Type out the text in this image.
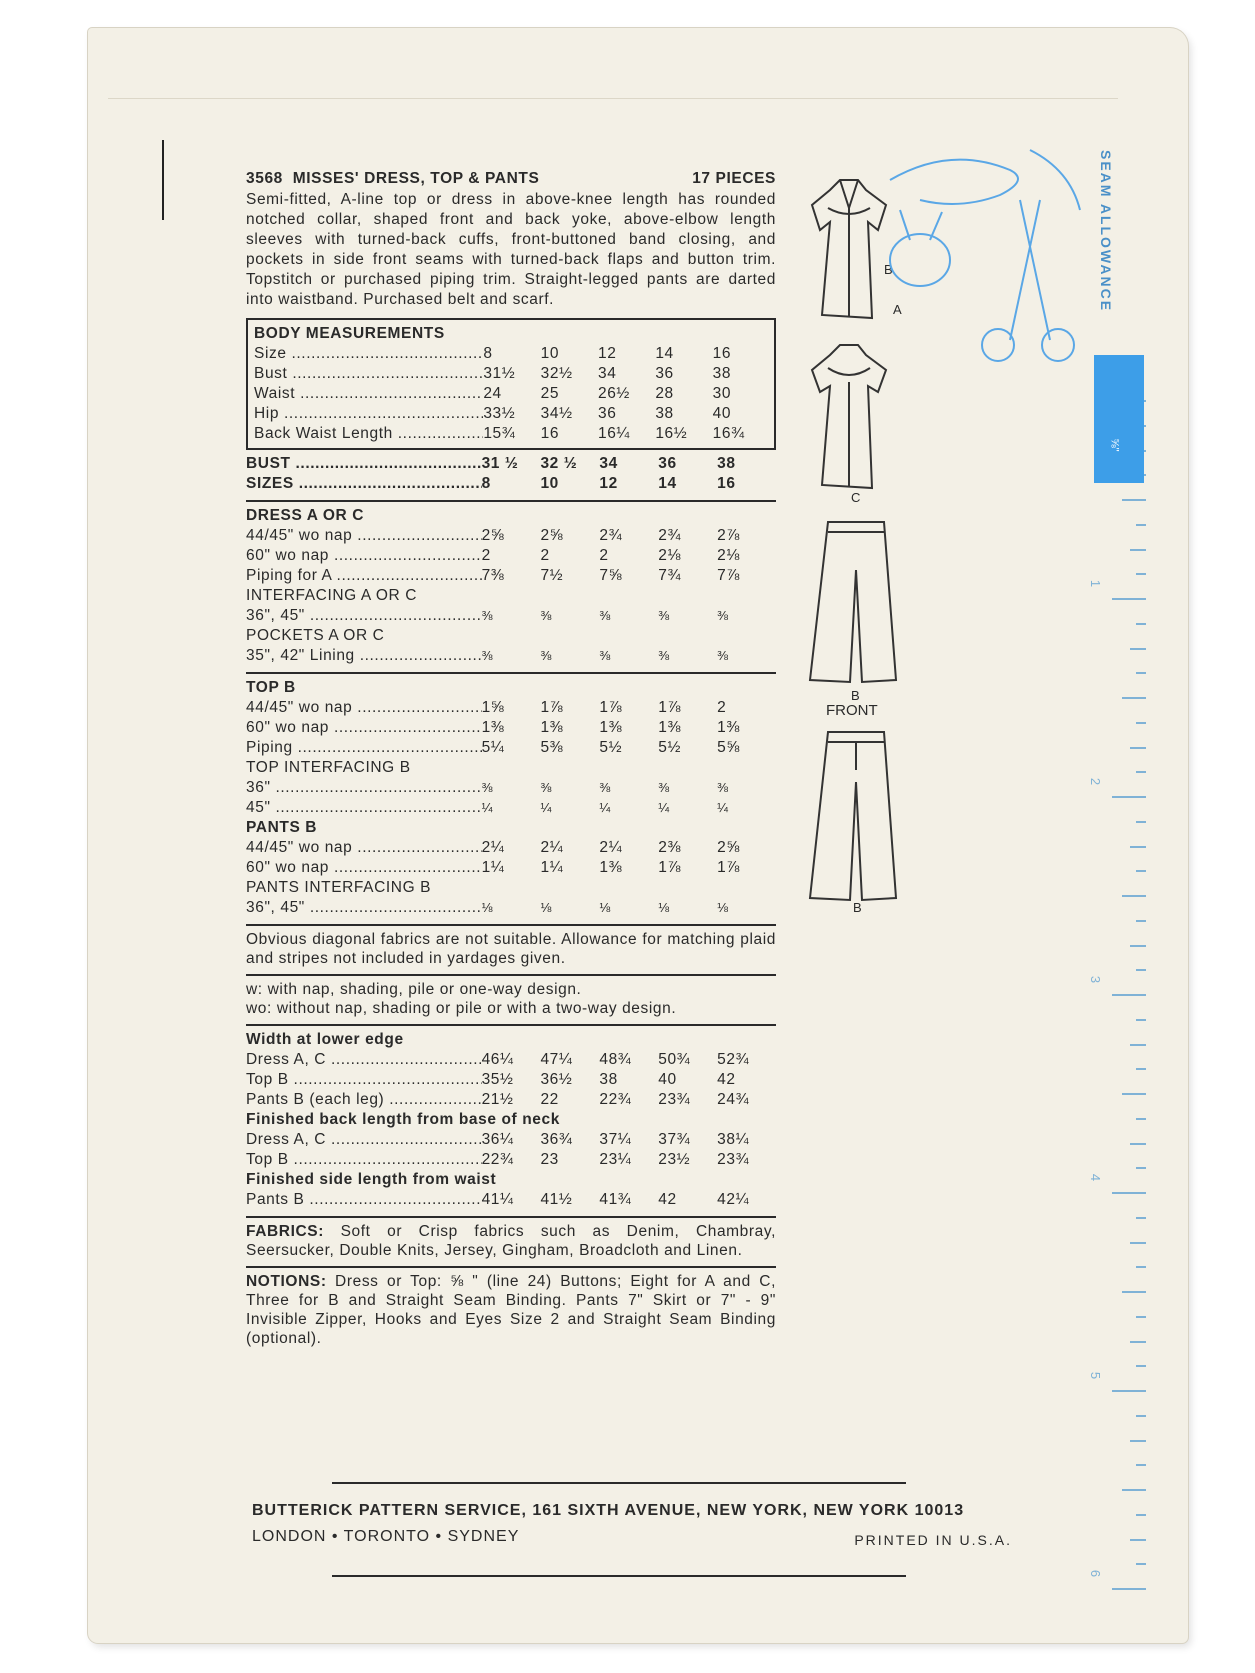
3568 MISSES' DRESS, TOP & PANTS	17 PIECES
Semi-fitted, A-line top or dress in above-knee length has rounded notched collar, shaped front and back yoke, above-elbow length sleeves with turned-back cuffs, front-buttoned band closing, and pockets in side front seams with turned-back flaps and button trim. Topstitch or purchased piping trim. Straight-legged pants are darted into waistband. Purchased belt and scarf.
BODY MEASUREMENTS
Size .....	8	10	12	14	16
Bust .....	31½	32½	34	36	38
Waist .....	24	25	26½	28	30
Hip .....	33½	34½	36	38	40
Back Waist Length .....	15¾	16	16¼	16½	16¾
BUST .....	31 ½	32 ½	34	36	38
SIZES .....	8	10	12	14	16
DRESS A OR C
44/45" wo nap .....	2⅝	2⅝	2¾	2¾	2⅞
60" wo nap .....	2	2	2	2⅛	2⅛
Piping for A .....	7⅜	7½	7⅝	7¾	7⅞
INTERFACING A OR C
36", 45" .....	⅜	⅜	⅜	⅜	⅜
POCKETS A OR C
35", 42" Lining .....	⅜	⅜	⅜	⅜	⅜
TOP B
44/45" wo nap .....	1⅝	1⅞	1⅞	1⅞	2
60" wo nap .....	1⅜	1⅜	1⅜	1⅜	1⅜
Piping .....	5¼	5⅜	5½	5½	5⅝
TOP INTERFACING B
36" .....	⅜	⅜	⅜	⅜	⅜
45" .....	¼	¼	¼	¼	¼
PANTS B
44/45" wo nap .....	2¼	2¼	2¼	2⅜	2⅝
60" wo nap .....	1¼	1¼	1⅜	1⅞	1⅞
PANTS INTERFACING B
36", 45" .....	⅛	⅛	⅛	⅛	⅛
Obvious diagonal fabrics are not suitable. Allowance for matching plaid and stripes not included in yardages given.
w: with nap, shading, pile or one-way design.
wo: without nap, shading or pile or with a two-way design.
Width at lower edge
Dress A, C .....	46¼	47¼	48¾	50¾	52¾
Top B .....	35½	36½	38	40	42
Pants B (each leg) .....	21½	22	22¾	23¾	24¾
Finished back length from base of neck
Dress A, C .....	36¼	36¾	37¼	37¾	38¼
Top B .....	22¾	23	23¼	23½	23¾
Finished side length from waist
Pants B .....	41¼	41½	41¾	42	42¼
FABRICS: Soft or Crisp fabrics such as Denim, Chambray, Seersucker, Double Knits, Jersey, Gingham, Broadcloth and Linen.
NOTIONS: Dress or Top: ⅝ " (line 24) Buttons; Eight for A and C, Three for B and Straight Seam Binding. Pants 7" Skirt or 7" - 9" Invisible Zipper, Hooks and Eyes Size 2 and Straight Seam Binding (optional).
BUTTERICK PATTERN SERVICE, 161 SIXTH AVENUE, NEW YORK, NEW YORK 10013
LONDON • TORONTO • SYDNEY	PRINTED IN U.S.A.
B
A
C
B
FRONT
B
1
2
3
4
5
6
SEAM ALLOWANCE
⅝"
